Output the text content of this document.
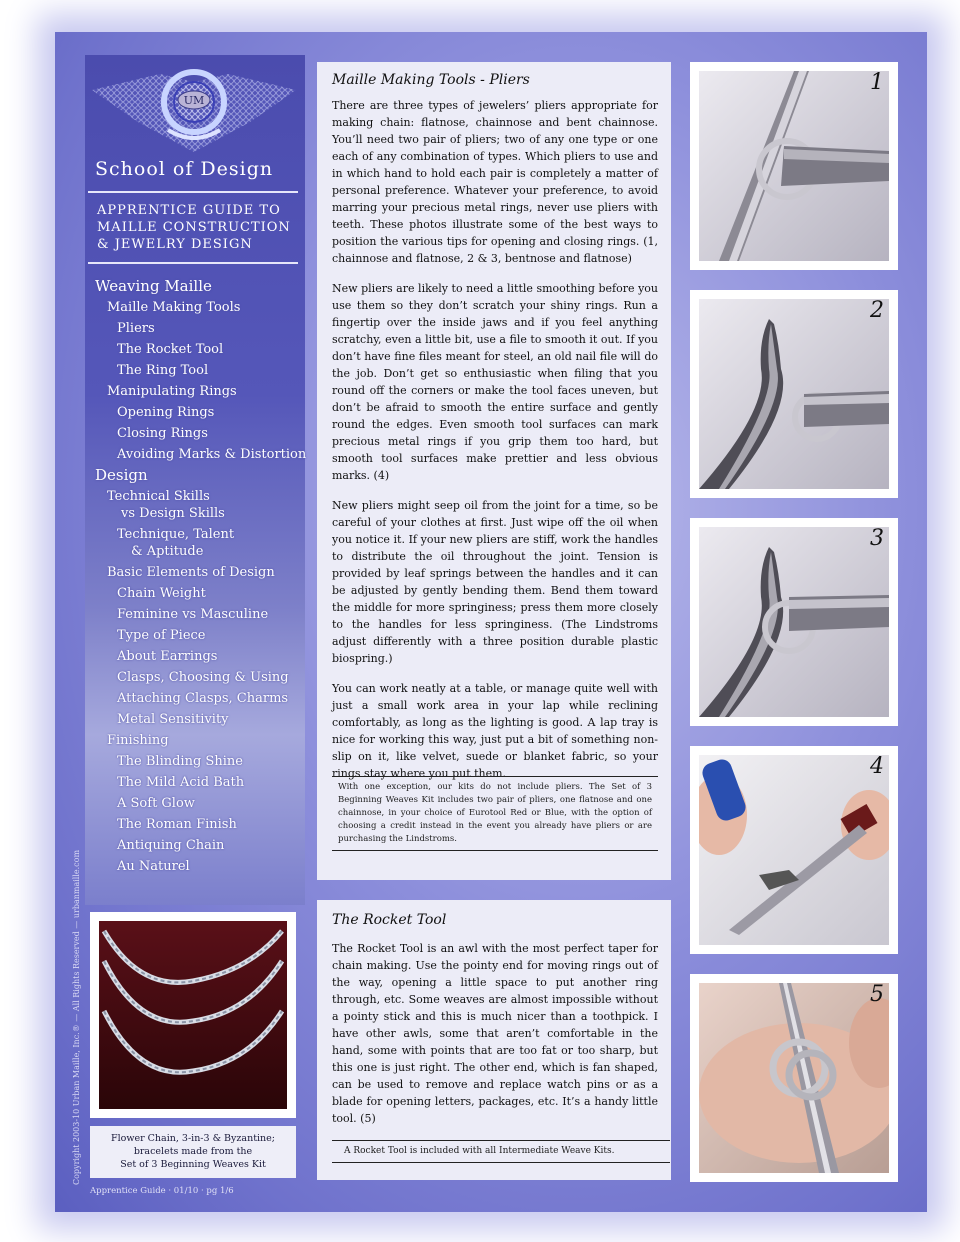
UM
School of Design
APPRENTICE GUIDE TO
MAILLE CONSTRUCTION
& JEWELRY DESIGN
Weaving Maille
Maille Making Tools
Pliers
The Rocket Tool
The Ring Tool
Manipulating Rings
Opening Rings
Closing Rings
Avoiding Marks & Distortion
Design
Technical Skills
vs Design Skills
Technique, Talent
& Aptitude
Basic Elements of Design
Chain Weight
Feminine vs Masculine
Type of Piece
About Earrings
Clasps, Choosing & Using
Attaching Clasps, Charms
Metal Sensitivity
Finishing
The Blinding Shine
The Mild Acid Bath
A Soft Glow
The Roman Finish
Antiquing Chain
Au Naturel
Copyright 2003-10 Urban Maille, Inc.® — All Rights Reserved — urbanmaille.com	Flower Chain, 3-in-3 & Byzantine;
bracelets made from the
Set of 3 Beginning Weaves Kit
Apprentice Guide · 01/10 · pg 1/6
Maille Making Tools - Pliers

There are three types of jewelers’ pliers appropriate for making chain: flatnose, chainnose and bent chainnose. You’ll need two pair of pliers; two of any one type or one each of any combination of types. Which pliers to use and in which hand to hold each pair is completely a matter of personal preference. Whatever your preference, to avoid marring your precious metal rings, never use pliers with teeth. These photos illustrate some of the best ways to position the various tips for opening and closing rings. (1, chainnose and flatnose, 2 & 3, bentnose and flatnose)

New pliers are likely to need a little smoothing before you use them so they don’t scratch your shiny rings. Run a fingertip over the inside jaws and if you feel anything scratchy, even a little bit, use a file to smooth it out. If you don’t have fine files meant for steel, an old nail file will do the job. Don’t get so enthusiastic when filing that you round off the corners or make the tool faces uneven, but don’t be afraid to smooth the entire surface and gently round the edges. Even smooth tool surfaces can mark precious metal rings if you grip them too hard, but smooth tool surfaces make prettier and less obvious marks. (4)

New pliers might seep oil from the joint for a time, so be careful of your clothes at first. Just wipe off the oil when you notice it. If your new pliers are stiff, work the handles to distribute the oil throughout the joint. Tension is provided by leaf springs between the handles and it can be adjusted by gently bending them. Bend them toward the middle for more springiness; press them more closely to the handles for less springiness. (The Lindstroms adjust differently with a three position durable plastic biospring.)

You can work neatly at a table, or manage quite well with just a small work area in your lap while reclining comfortably, as long as the lighting is good. A lap tray is nice for working this way, just put a bit of something non-slip on it, like velvet, suede or blanket fabric, so your rings stay where you put them.

With one exception, our kits do not include pliers. The Set of 3 Beginning Weaves Kit includes two pair of pliers, one flatnose and one chainnose, in your choice of Eurotool Red or Blue, with the option of choosing a credit instead in the event you already have pliers or are purchasing the Lindstroms.
The Rocket Tool

The Rocket Tool is an awl with the most perfect taper for chain making. Use the pointy end for moving rings out of the way, opening a little space to put another ring through, etc. Some weaves are almost impossible without a pointy stick and this is much nicer than a toothpick. I have other awls, some that aren’t comfortable in the hand, some with points that are too fat or too sharp, but this one is just right. The other end, which is fan shaped, can be used to remove and replace watch pins or as a blade for opening letters, packages, etc. It’s a handy little tool. (5)

A Rocket Tool is included with all Intermediate Weave Kits.
1
2
3
4
5
